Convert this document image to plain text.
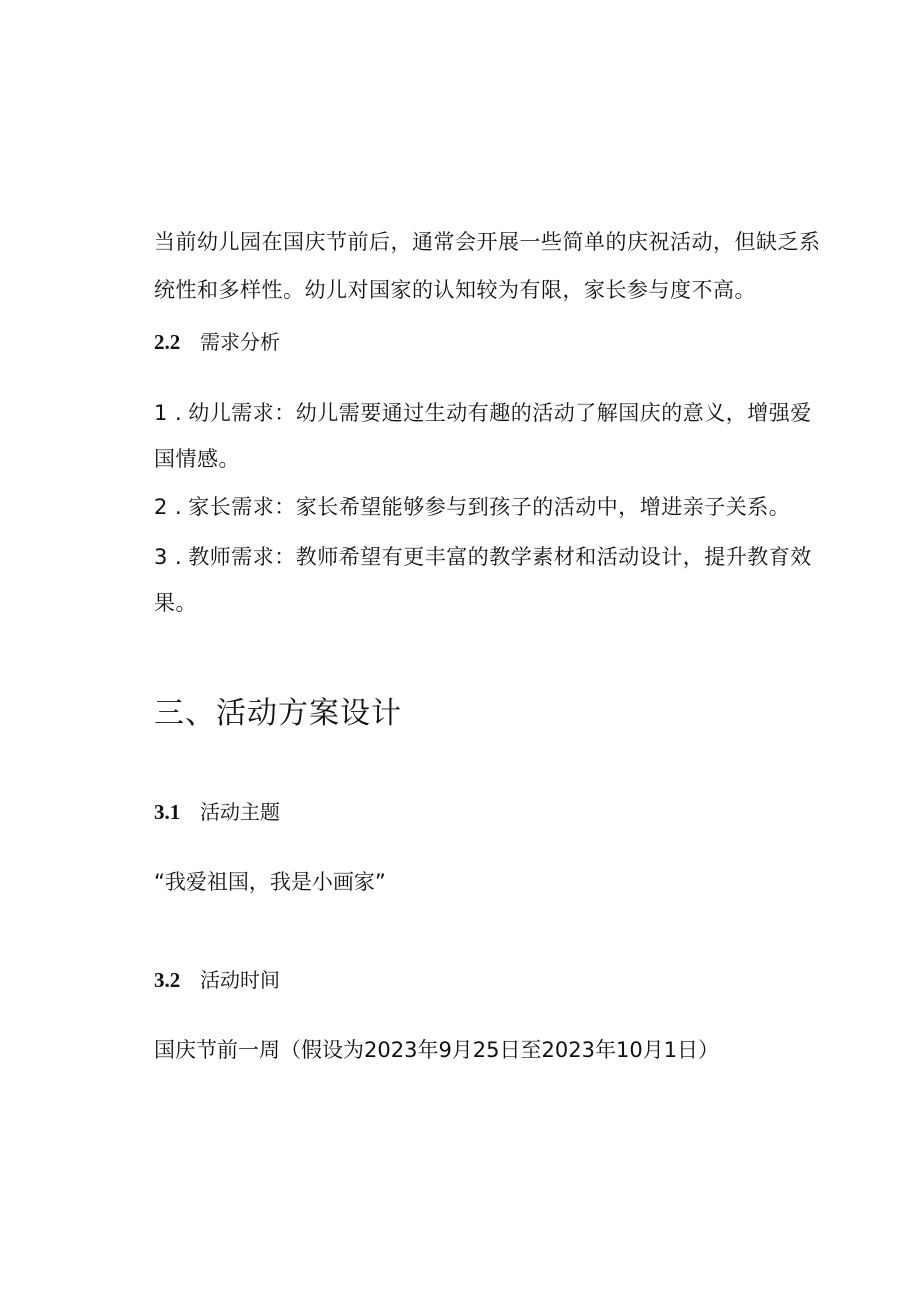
当前幼儿园在国庆节前后，通常会开展一些简单的庆祝活动，但缺乏系统性和多样性。幼儿对国家的认知较为有限，家长参与度不高。

2.2 需求分析
1 . 幼儿需求：幼儿需要通过生动有趣的活动了解国庆的意义，增强爱国情感。
2 . 家长需求：家长希望能够参与到孩子的活动中，增进亲子关系。
3 . 教师需求：教师希望有更丰富的教学素材和活动设计，提升教育效果。
三、活动方案设计
3.1 活动主题
“我爱祖国，我是小画家”
3.2 活动时间
国庆节前一周（假设为2023年9月25日至2023年10月1日）
